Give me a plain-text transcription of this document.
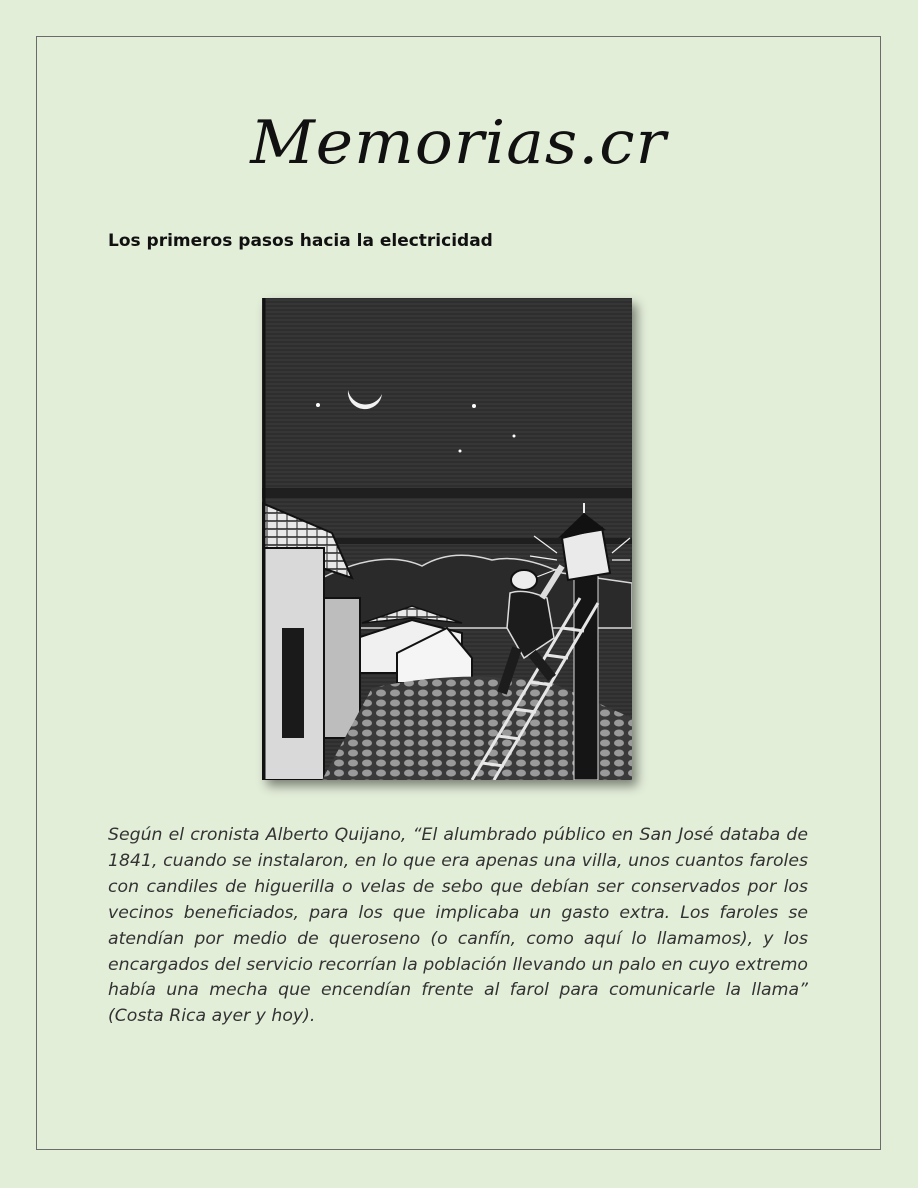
Memorias.cr
Los primeros pasos hacia la electricidad

Según el cronista Alberto Quijano, “El alumbrado público en San José databa de 1841, cuando se instalaron, en lo que era apenas una villa, unos cuantos faroles con candiles de higuerilla o velas de sebo que debían ser conservados por los vecinos beneficiados, para los que implicaba un gasto extra. Los faroles se atendían por medio de queroseno (o canfín, como aquí lo llamamos), y los encargados del servicio recorrían la población llevando un palo en cuyo extremo había una mecha que encendían frente al farol para comunicarle la llama” (Costa Rica ayer y hoy).
